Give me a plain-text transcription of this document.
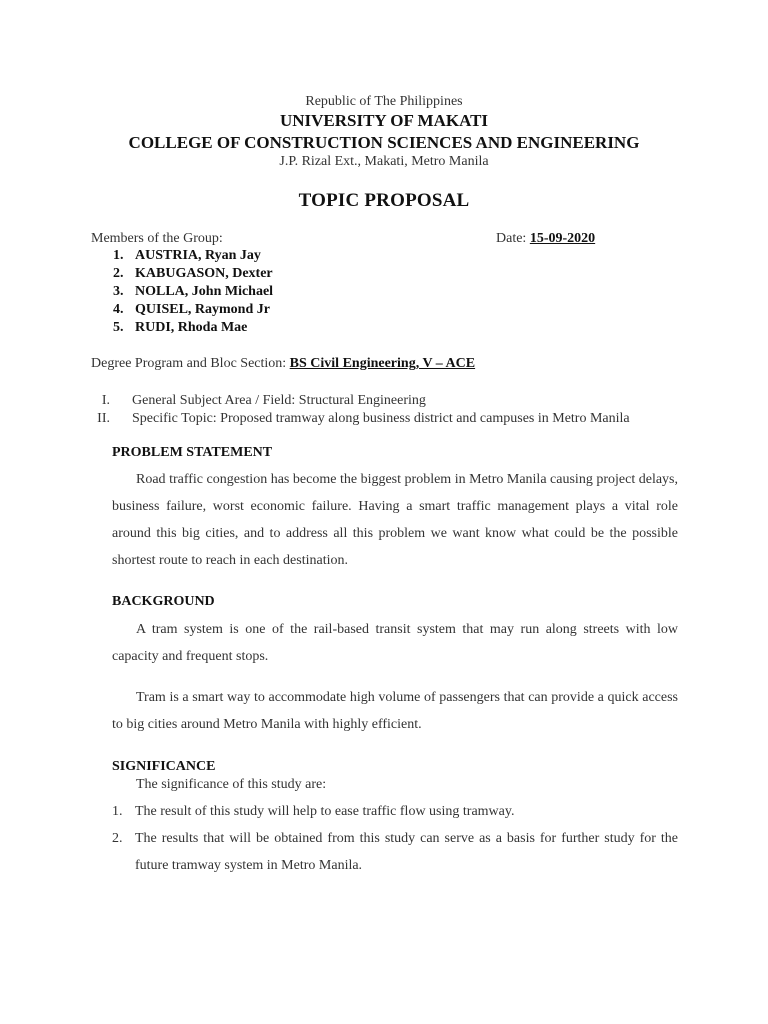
Republic of The Philippines
UNIVERSITY OF MAKATI
COLLEGE OF CONSTRUCTION SCIENCES AND ENGINEERING
J.P. Rizal Ext., Makati, Metro Manila
TOPIC PROPOSAL
Members of the Group:	Date: 15-09-2020
1. AUSTRIA, Ryan Jay
2. KABUGASON, Dexter
3. NOLLA, John Michael
4. QUISEL, Raymond Jr
5. RUDI, Rhoda Mae
Degree Program and Bloc Section: BS Civil Engineering, V – ACE
I. General Subject Area / Field: Structural Engineering
II. Specific Topic: Proposed tramway along business district and campuses in Metro Manila
PROBLEM STATEMENT
Road traffic congestion has become the biggest problem in Metro Manila causing project delays, business failure, worst economic failure. Having a smart traffic management plays a vital role around this big cities, and to address all this problem we want know what could be the possible shortest route to reach in each destination.
BACKGROUND
A tram system is one of the rail-based transit system that may run along streets with low capacity and frequent stops.
Tram is a smart way to accommodate high volume of passengers that can provide a quick access to big cities around Metro Manila with highly efficient.
SIGNIFICANCE
The significance of this study are:
1. The result of this study will help to ease traffic flow using tramway.
2. The results that will be obtained from this study can serve as a basis for further study for the future tramway system in Metro Manila.
